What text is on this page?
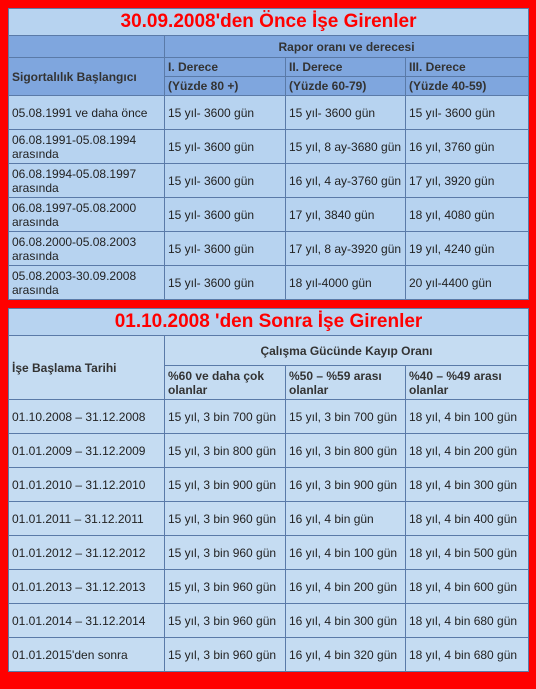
30.09.2008'den Önce İşe Girenler			
	Rapor oranı ve derecesi		
Sigortalılık Başlangıcı	I. Derece	II. Derece	III. Derece
	(Yüzde 80 +)	(Yüzde 60-79)	(Yüzde 40-59)
05.08.1991 ve daha önce	15 yıl- 3600 gün	15 yıl- 3600 gün	15 yıl- 3600 gün
06.08.1991-05.08.1994 arasında	15 yıl- 3600 gün	15 yıl, 8 ay-3680 gün	16 yıl, 3760 gün
06.08.1994-05.08.1997 arasında	15 yıl- 3600 gün	16 yıl, 4 ay-3760 gün	17 yıl, 3920 gün
06.08.1997-05.08.2000 arasında	15 yıl- 3600 gün	17 yıl, 3840 gün	18 yıl, 4080 gün
06.08.2000-05.08.2003 arasında	15 yıl- 3600 gün	17 yıl, 8 ay-3920 gün	19 yıl, 4240 gün
05.08.2003-30.09.2008 arasında	15 yıl- 3600 gün	18 yıl-4000 gün	20 yıl-4400 gün
01.10.2008 'den Sonra İşe Girenler			
İşe Başlama Tarihi	Çalışma Gücünde Kayıp Oranı		
	%60 ve daha çok olanlar	%50 – %59 arası olanlar	%40 – %49 arası olanlar
01.10.2008 – 31.12.2008	15 yıl, 3 bin 700 gün	15 yıl, 3 bin 700 gün	18 yıl, 4 bin 100 gün
01.01.2009 – 31.12.2009	15 yıl, 3 bin 800 gün	16 yıl, 3 bin 800 gün	18 yıl, 4 bin 200 gün
01.01.2010 – 31.12.2010	15 yıl, 3 bin 900 gün	16 yıl, 3 bin 900 gün	18 yıl, 4 bin 300 gün
01.01.2011 – 31.12.2011	15 yıl, 3 bin 960 gün	16 yıl, 4 bin gün	18 yıl, 4 bin 400 gün
01.01.2012 – 31.12.2012	15 yıl, 3 bin 960 gün	16 yıl, 4 bin 100 gün	18 yıl, 4 bin 500 gün
01.01.2013 – 31.12.2013	15 yıl, 3 bin 960 gün	16 yıl, 4 bin 200 gün	18 yıl, 4 bin 600 gün
01.01.2014 – 31.12.2014	15 yıl, 3 bin 960 gün	16 yıl, 4 bin 300 gün	18 yıl, 4 bin 680 gün
01.01.2015'den sonra	15 yıl, 3 bin 960 gün	16 yıl, 4 bin 320 gün	18 yıl, 4 bin 680 gün
